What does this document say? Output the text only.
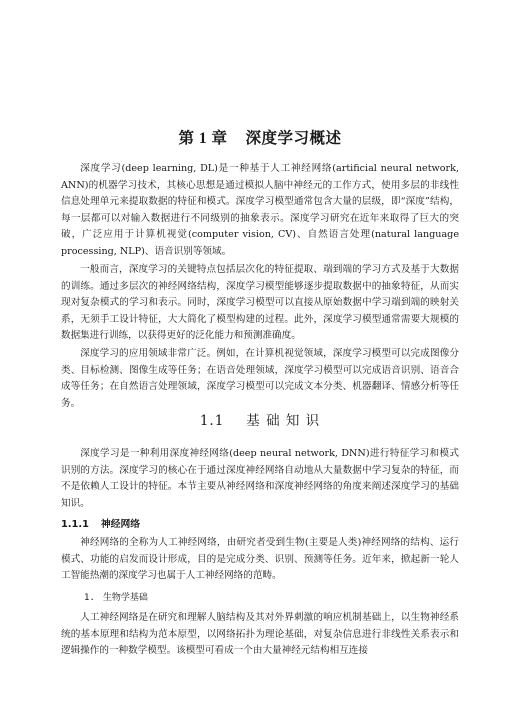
第 1 章 深度学习概述

深度学习(deep learning, DL)是一种基于人工神经网络(artificial neural network, ANN)的机器学习技术，其核心思想是通过模拟人脑中神经元的工作方式，使用多层的非线性信息处理单元来提取数据的特征和模式。深度学习模型通常包含大量的层级，即“深度”结构，每一层都可以对输入数据进行不同级别的抽象表示。深度学习研究在近年来取得了巨大的突破，广泛应用于计算机视觉(computer vision, CV)、自然语言处理(natural language processing, NLP)、语音识别等领域。

一般而言，深度学习的关键特点包括层次化的特征提取、端到端的学习方式及基于大数据的训练。通过多层次的神经网络结构，深度学习模型能够逐步提取数据中的抽象特征，从而实现对复杂模式的学习和表示。同时，深度学习模型可以直接从原始数据中学习端到端的映射关系，无须手工设计特征，大大简化了模型构建的过程。此外，深度学习模型通常需要大规模的数据集进行训练，以获得更好的泛化能力和预测准确度。

深度学习的应用领域非常广泛。例如，在计算机视觉领域，深度学习模型可以完成图像分类、目标检测、图像生成等任务；在语音处理领域，深度学习模型可以完成语音识别、语音合成等任务；在自然语言处理领域，深度学习模型可以完成文本分类、机器翻译、情感分析等任务。

1.1 基 础 知 识

深度学习是一种利用深度神经网络(deep neural network, DNN)进行特征学习和模式识别的方法。深度学习的核心在于通过深度神经网络自动地从大量数据中学习复杂的特征，而不是依赖人工设计的特征。本节主要从神经网络和深度神经网络的角度来阐述深度学习的基础知识。

1.1.1 神经网络

神经网络的全称为人工神经网络，由研究者受到生物(主要是人类)神经网络的结构、运行模式、功能的启发而设计形成，目的是完成分类、识别、预测等任务。近年来，掀起新一轮人工智能热潮的深度学习也属于人工神经网络的范畴。

1. 生物学基础

人工神经网络是在研究和理解人脑结构及其对外界刺激的响应机制基础上，以生物神经系统的基本原理和结构为范本原型，以网络拓扑为理论基础，对复杂信息进行非线性关系表示和逻辑操作的一种数学模型。该模型可看成一个由大量神经元结构相互连接
